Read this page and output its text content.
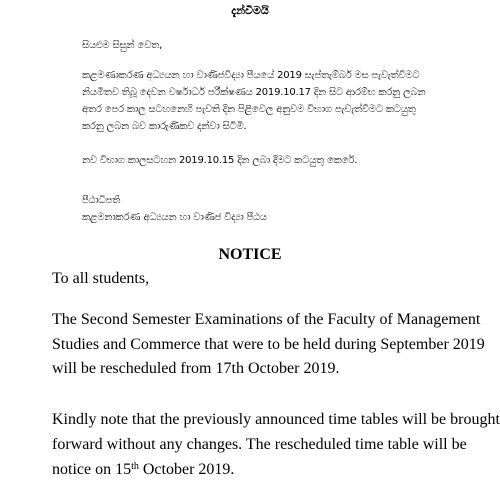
දැන්වීමයි
සියළුම සිසුන් වෙත,
කළමණාකරණ අධ්‍යයන හා වාණිජවිද්‍යා පීයයේ 2019 සැප්තැම්බර් මස පැවැත්වීමට
නියමිතව තිබූ දෙවන වර්ෂාර්ධ පරීක්ෂණය 2019.10.17 දින සිට ආරම්භ කරනු ලබන
අතර පෙර කාල සටහනෙහි පැවති දින පිළිවෙල අනුවම විභාග පැවැත්වීමට කටයුතු
කරනු ලබන බව කාරුණිකව දන්වා සිටිමි.
නව විභාග කාලසටහන 2019.10.15 දින ලබා දීමට කටයුතු කෙරේ.
පීඨාධිපති
කළමනාකරණ අධ්‍යයන හා වාණිජ විද්‍යා පීඨය
NOTICE
To all students,
The Second Semester Examinations of the Faculty of Management
Studies and Commerce that were to be held during September 2019
will be rescheduled from 17th October 2019.
Kindly note that the previously announced time tables will be brought
forward without any changes. The rescheduled time table will be
notice on 15th October 2019.
